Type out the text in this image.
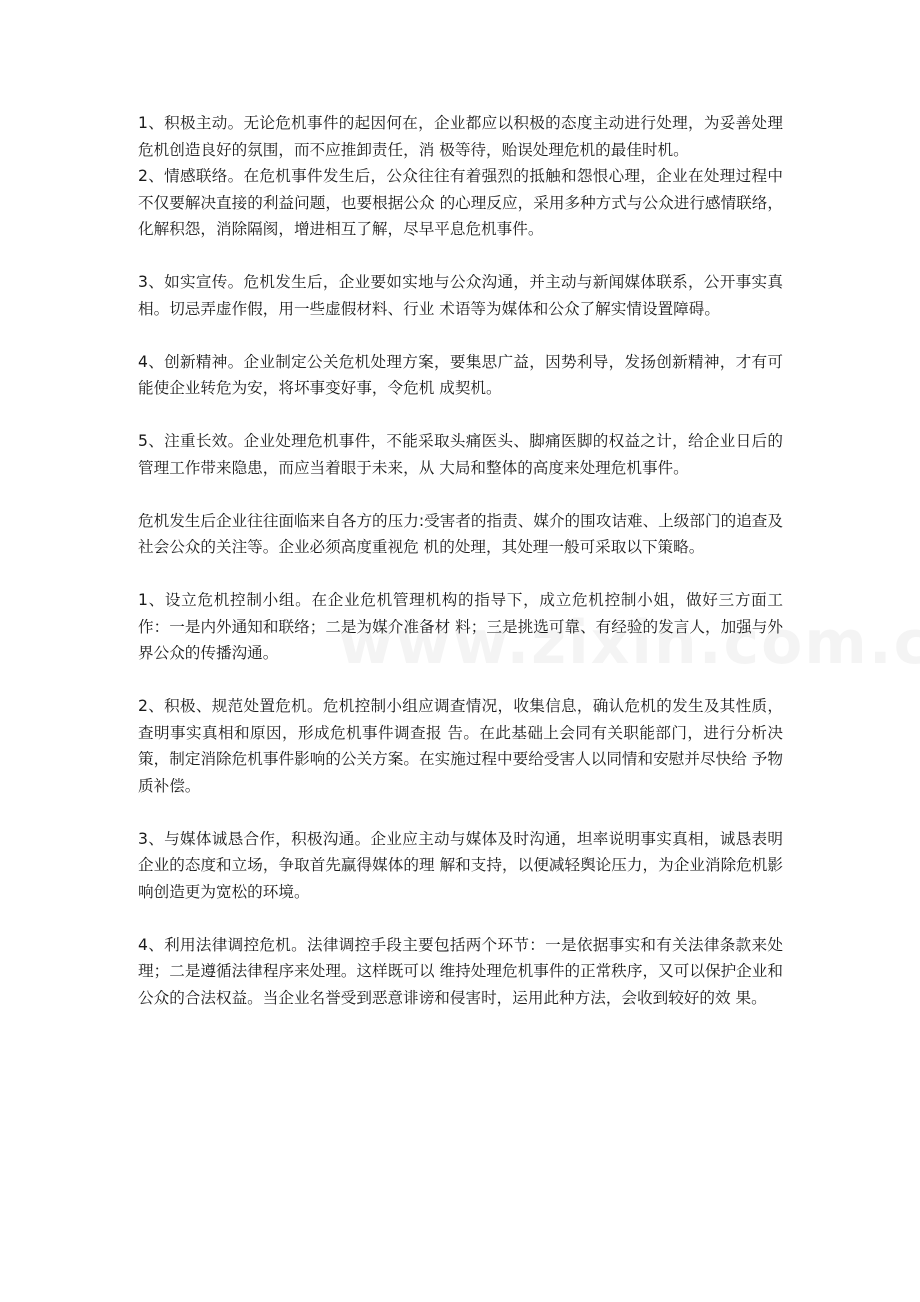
1、积极主动。无论危机事件的起因何在，企业都应以积极的态度主动进行处理，为妥善处理危机创造良好的氛围，而不应推卸责任，消 极等待，贻误处理危机的最佳时机。

2、情感联络。在危机事件发生后，公众往往有着强烈的抵触和怨恨心理，企业在处理过程中不仅要解决直接的利益问题，也要根据公众 的心理反应，采用多种方式与公众进行感情联络，化解积怨，消除隔阂，增进相互了解，尽早平息危机事件。

3、如实宣传。危机发生后，企业要如实地与公众沟通，并主动与新闻媒体联系，公开事实真相。切忌弄虚作假，用一些虚假材料、行业 术语等为媒体和公众了解实情设置障碍。

4、创新精神。企业制定公关危机处理方案，要集思广益，因势利导，发扬创新精神，才有可能使企业转危为安，将坏事变好事，令危机 成契机。

5、注重长效。企业处理危机事件，不能采取头痛医头、脚痛医脚的权益之计，给企业日后的管理工作带来隐患，而应当着眼于未来，从 大局和整体的高度来处理危机事件。

危机发生后企业往往面临来自各方的压力:受害者的指责、媒介的围攻诘难、上级部门的追查及社会公众的关注等。企业必须高度重视危 机的处理，其处理一般可采取以下策略。

1、设立危机控制小组。在企业危机管理机构的指导下，成立危机控制小姐，做好三方面工作：一是内外通知和联络；二是为媒介准备材 料；三是挑选可靠、有经验的发言人，加强与外界公众的传播沟通。

2、积极、规范处置危机。危机控制小组应调查情况，收集信息，确认危机的发生及其性质，查明事实真相和原因，形成危机事件调查报 告。在此基础上会同有关职能部门，进行分析决策，制定消除危机事件影响的公关方案。在实施过程中要给受害人以同情和安慰并尽快给 予物质补偿。

3、与媒体诚恳合作，积极沟通。企业应主动与媒体及时沟通，坦率说明事实真相，诚恳表明企业的态度和立场，争取首先赢得媒体的理 解和支持，以便减轻舆论压力，为企业消除危机影响创造更为宽松的环境。

4、利用法律调控危机。法律调控手段主要包括两个环节：一是依据事实和有关法律条款来处理；二是遵循法律程序来处理。这样既可以 维持处理危机事件的正常秩序，又可以保护企业和公众的合法权益。当企业名誉受到恶意诽谤和侵害时，运用此种方法，会收到较好的效 果。
